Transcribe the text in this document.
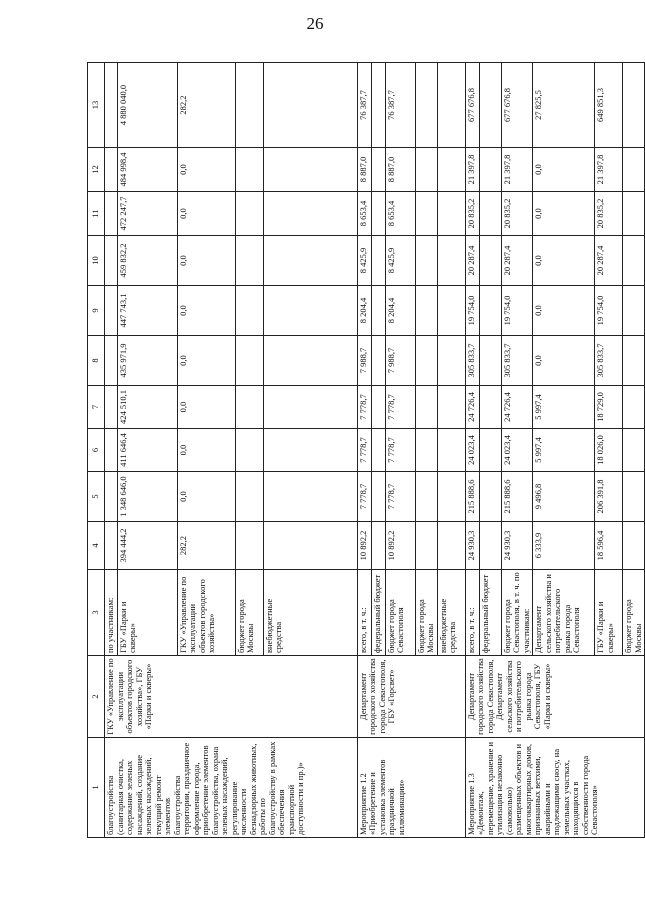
26
1	2	3	4	5	6	7	8	9	10	11	12	13
благоустройства (санитарная очистка, содержание зеленых насаждений, создание зеленых насаждений, текущий ремонт элементов благоустройства территории, праздничное оформление города, приобретение элементов благоустройства, охрана зеленых насаждений, регулирование численности безнадзорных животных, работы по благоустройству в рамках обеспечения транспортной доступности и пр.)»	ГКУ «Управление по эксплуатации объектов городского хозяйства», ГБУ «Парки и скверы»	по участникам:										
		ГБУ «Парки и скверы»	394 444,2	1 348 646,0	411 646,4	424 510,1	435 971,9	447 743,1	459 832,2	472 247,7	484 998,4	4 880 040,0
		ГКУ «Управление по эксплуатации объектов городского хозяйства»	282,2	0,0	0,0	0,0	0,0	0,0	0,0	0,0	0,0	282,2
		бюджет города Москвы										
		внебюджетные средства										
Мероприятие 1.2 «Приобретение и установка элементов праздничной иллюминации»	Департамент городского хозяйства города Севастополя, ГБУ «Горсвет»	всего, в т. ч.:	10 892,2	7 778,7	7 778,7	7 778,7	7 988,7	8 204,4	8 425,9	8 653,4	8 887,0	76 387,7
		федеральный бюджет										
		бюджет города Севастополя	10 892,2	7 778,7	7 778,7	7 778,7	7 988,7	8 204,4	8 425,9	8 653,4	8 887,0	76 387,7
		бюджет города Москвы										
		внебюджетные средства										
Мероприятие 1.3 «Демонтаж, перемещение, хранение и утилизация незаконно (самовольно) размещенных объектов и многоквартирных домов, признанных ветхими, аварийными и подлежащими сносу, на земельных участках, находящихся в собственности города Севастополя»	Департамент городского хозяйства города Севастополя, Департамент сельского хозяйства и потребительского рынка города Севастополя, ГБУ «Парки и скверы»	всего, в т. ч.:	24 930,3	215 888,6	24 023,4	24 726,4	305 833,7	19 754,0	20 287,4	20 835,2	21 397,8	677 676,8
		федеральный бюджет										
		бюджет города Севастополя, в т. ч. по участникам:	24 930,3	215 888,6	24 023,4	24 726,4	305 833,7	19 754,0	20 287,4	20 835,2	21 397,8	677 676,8
		Департамент сельского хозяйства и потребительского рынка города Севастополя	6 333,9	9 496,8	5 997,4	5 997,4	0,0	0,0	0,0	0,0	0,0	27 825,5
		ГБУ «Парки и скверы»	18 596,4	206 391,8	18 026,0	18 729,0	305 833,7	19 754,0	20 287,4	20 835,2	21 397,8	649 851,3
		бюджет города Москвы										
